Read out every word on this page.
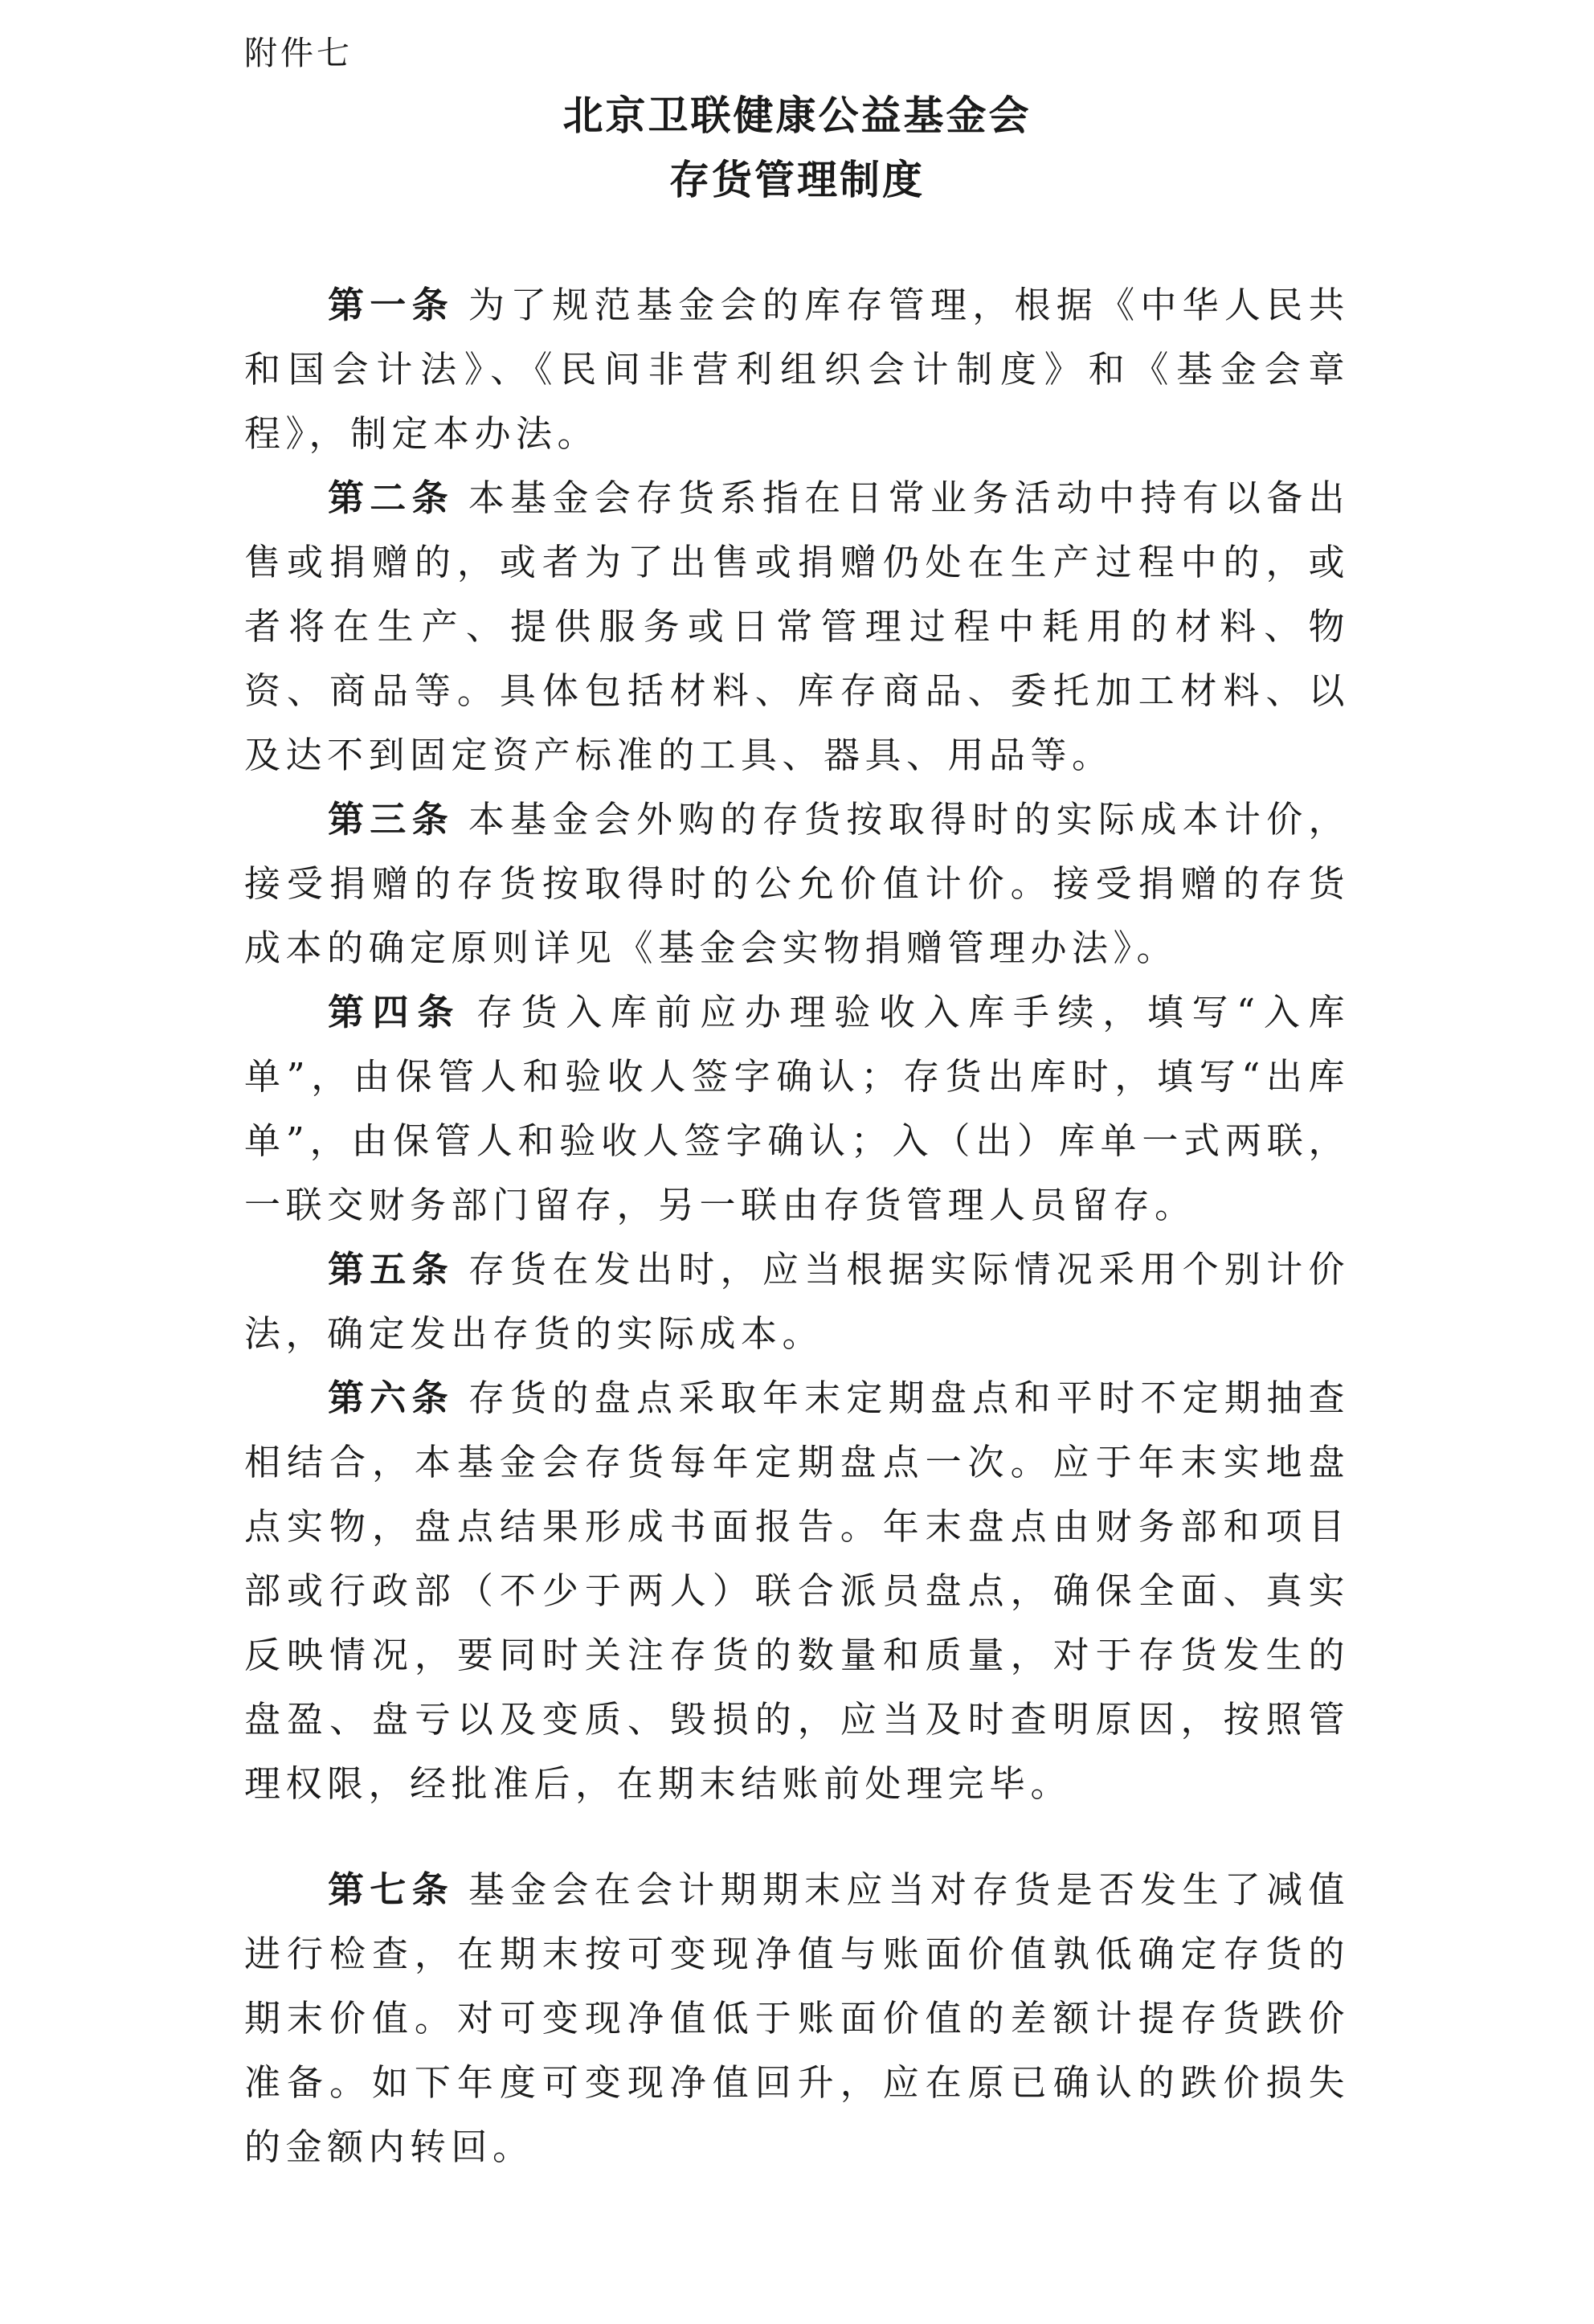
附件七

北京卫联健康公益基金会
存货管理制度

第一条 为了规范基金会的库存管理，根据《中华人民共和国会计法》、《民间非营利组织会计制度》和《基金会章程》，制定本办法。

第二条 本基金会存货系指在日常业务活动中持有以备出售或捐赠的，或者为了出售或捐赠仍处在生产过程中的，或者将在生产、提供服务或日常管理过程中耗用的材料、物资、商品等。具体包括材料、库存商品、委托加工材料、以及达不到固定资产标准的工具、器具、用品等。

第三条 本基金会外购的存货按取得时的实际成本计价，接受捐赠的存货按取得时的公允价值计价。接受捐赠的存货成本的确定原则详见《基金会实物捐赠管理办法》。

第四条 存货入库前应办理验收入库手续，填写“入库单”，由保管人和验收人签字确认；存货出库时，填写“出库单”，由保管人和验收人签字确认；入（出）库单一式两联，一联交财务部门留存，另一联由存货管理人员留存。

第五条 存货在发出时，应当根据实际情况采用个别计价法，确定发出存货的实际成本。

第六条 存货的盘点采取年末定期盘点和平时不定期抽查相结合，本基金会存货每年定期盘点一次。应于年末实地盘点实物，盘点结果形成书面报告。年末盘点由财务部和项目部或行政部（不少于两人）联合派员盘点，确保全面、真实反映情况，要同时关注存货的数量和质量，对于存货发生的盘盈、盘亏以及变质、毁损的，应当及时查明原因，按照管理权限，经批准后，在期末结账前处理完毕。

第七条 基金会在会计期期末应当对存货是否发生了减值进行检查，在期末按可变现净值与账面价值孰低确定存货的期末价值。对可变现净值低于账面价值的差额计提存货跌价准备。如下年度可变现净值回升，应在原已确认的跌价损失的金额内转回。
